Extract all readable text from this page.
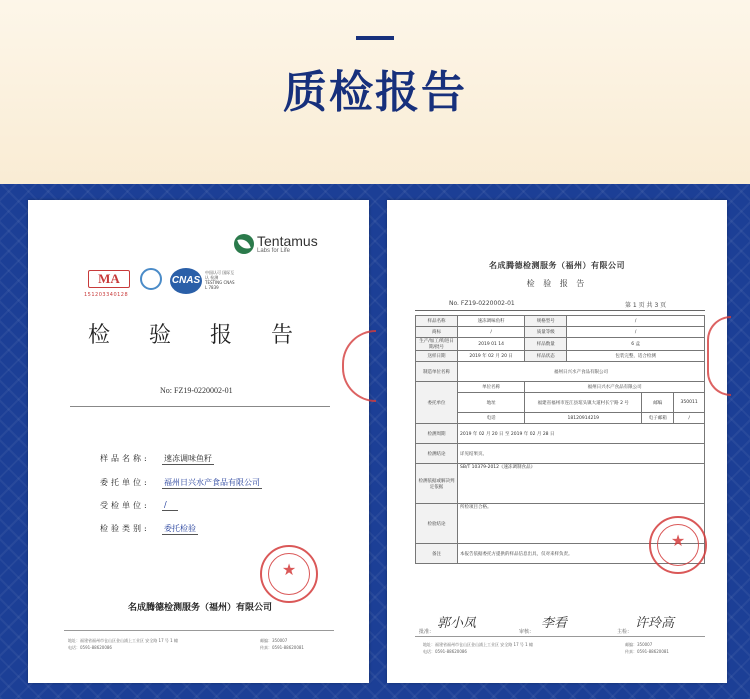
质检报告
Tentamus
Labs for Life
MA
151203340128
CNAS
中国认可 国际互认 检测 TESTING CNAS L 7839
检 验 报 告
No: FZ19-0220002-01
样品名称:	速冻调味鱼籽
委托单位:	福州日兴水产食品有限公司
受检单位:	/
检验类别:	委托检验
★
名成腾德检测服务（福州）有限公司
地址：福建省福州市仓山区金山浦上工业区 安全路 17 号 1 幢
电话：0591-88620086
邮编：350007
传真：0591-88620081
名成腾德检测服务（福州）有限公司
检 验 报 告
No. FZ19-0220002-01	第 1 页 共 3 页
样品名称	速冻调味鱼籽	规格型号	/		
商标	/	质量等级	/		
生产/加工/购进日期/批号	2019 01 14	样品数量	6 盒		
送样日期	2019 年 02 月 20 日	样品状态	包装完整，适合检测		
制造单位名称	福州日兴水产食品有限公司				
委托单位	单位名称	福州日兴水产食品有限公司			
	地址	福建省福州市连江县琯头镇大道村长宁路 2 号		邮编	350011
	电话	18120914219		电子邮箱	/
检测周期	2019 年 02 月 20 日 至 2019 年 02 月 28 日				
检测结论	详见结果页。				
检测依据或解决判定依据	SB/T 10379-2012《速冻调制食品》				
检验结论	所检项目合格。				
备注	本报告依据委托方提供的样品信息出具，仅对来样负责。				
★
批准：	审核：	主检：
郭小凤	李看	许玲高
地址：福建省福州市仓山区金山浦上工业区 安全路 17 号 1 幢
电话：0591-88620086
邮编：350007
传真：0591-88620081
